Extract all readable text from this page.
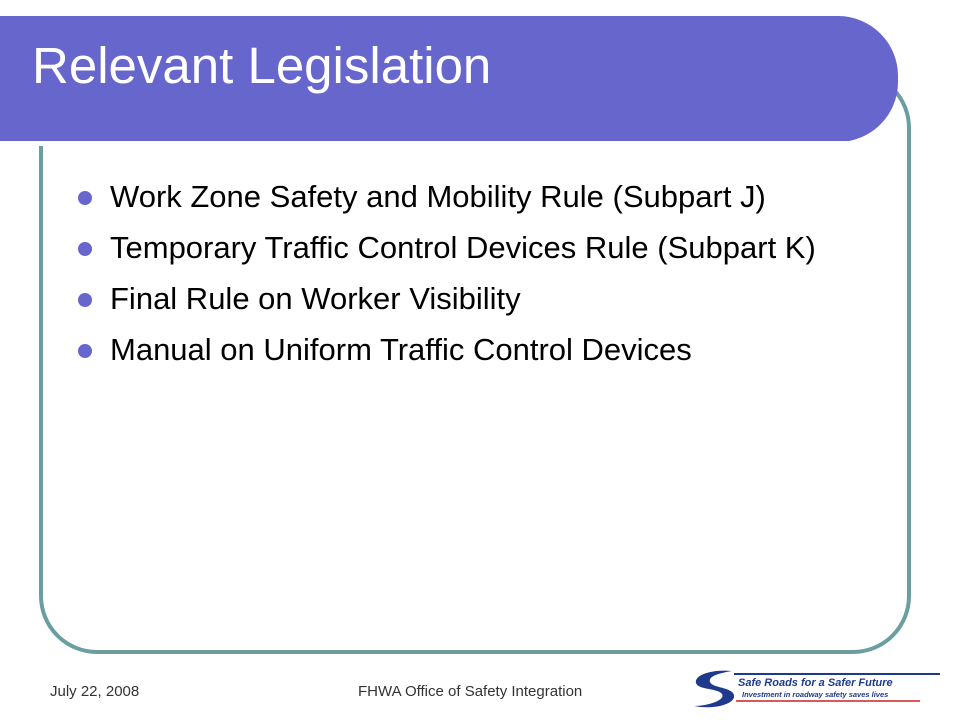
Relevant Legislation
Work Zone Safety and Mobility Rule (Subpart J)
Temporary Traffic Control Devices Rule (Subpart K)
Final Rule on Worker Visibility
Manual on Uniform Traffic Control Devices
July 22, 2008	FHWA Office of Safety Integration	Safe Roads for a Safer Future
Investment in roadway safety saves lives
